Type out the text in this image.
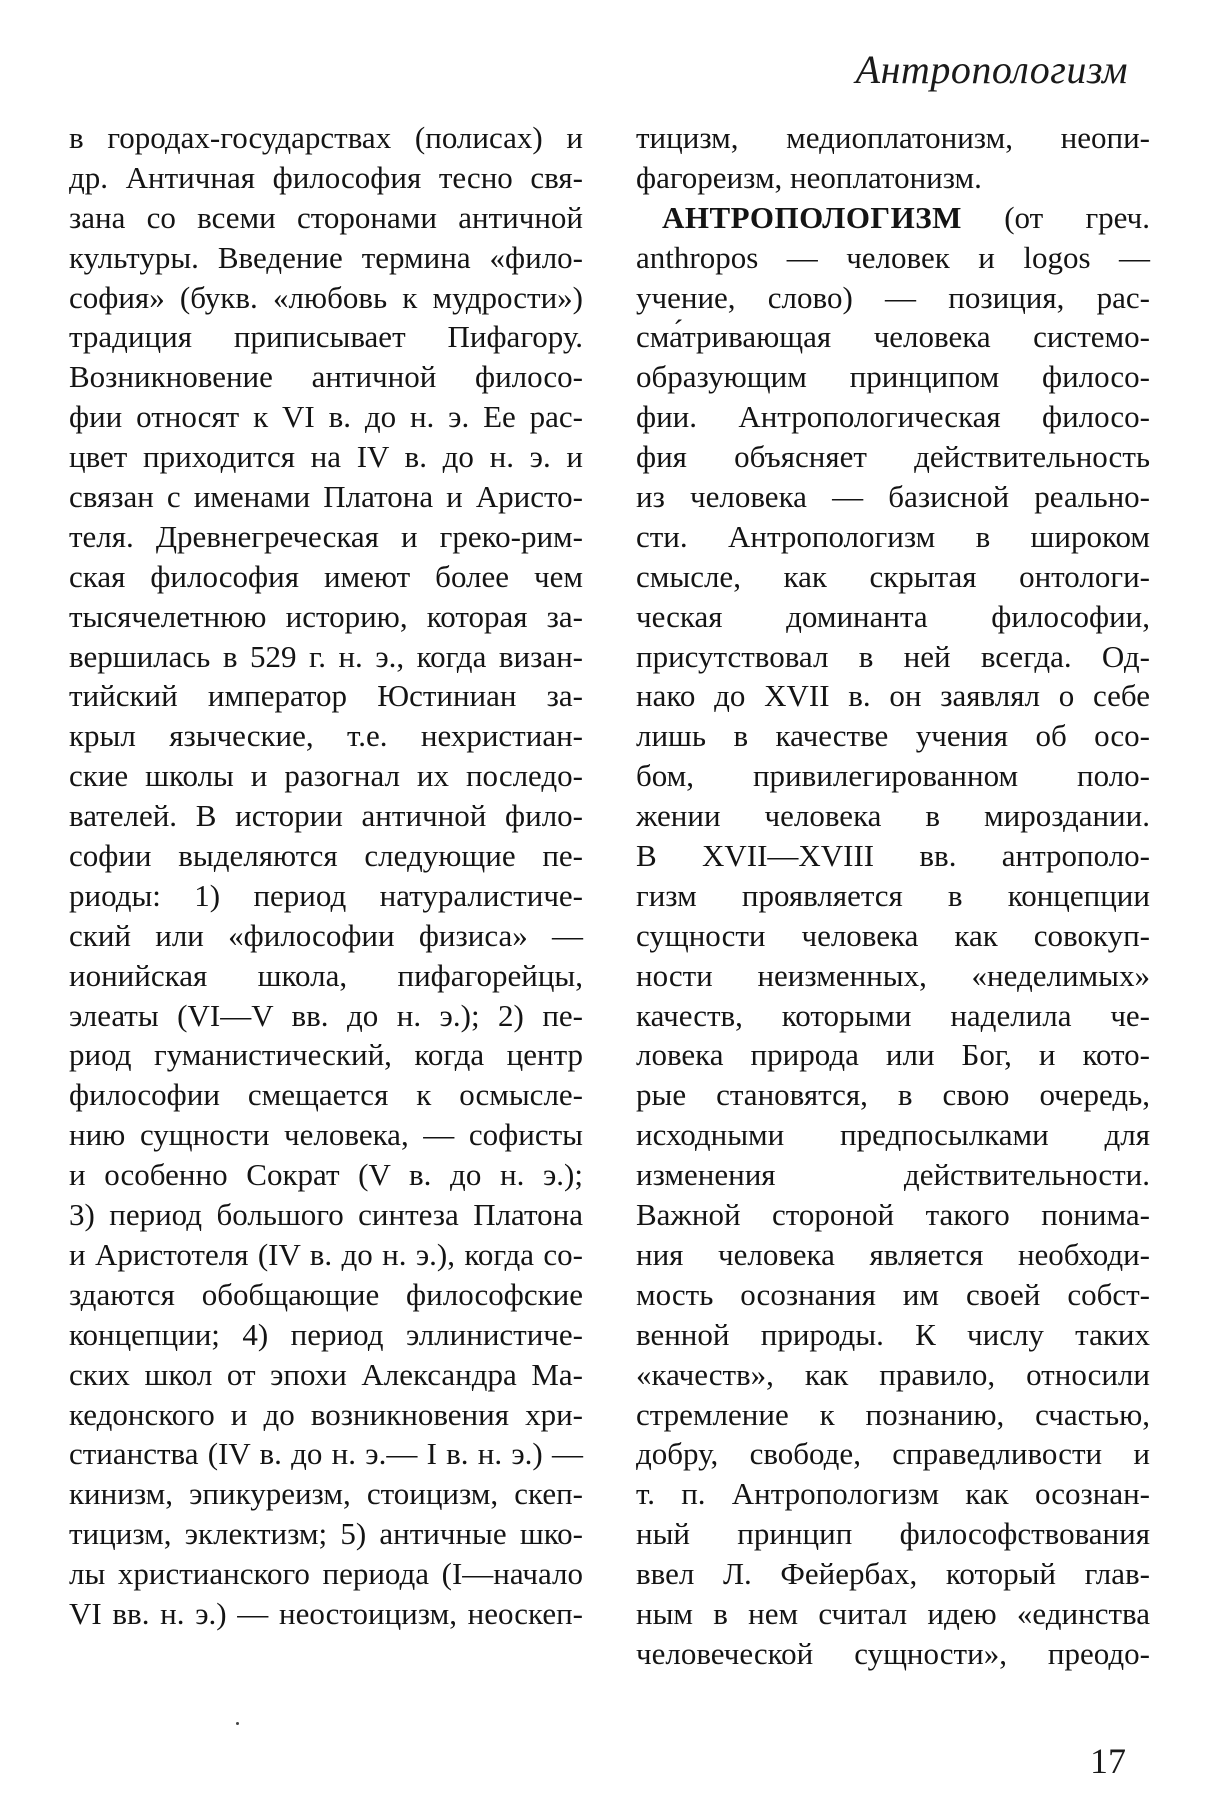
Антропологизм
в городах-государствах (полисах) и
др. Античная философия тесно свя-
зана со всеми сторонами античной
культуры. Введение термина «фило-
софия» (букв. «любовь к мудрости»)
традиция приписывает Пифагору.
Возникновение античной филосо-
фии относят к VI в. до н. э. Ее рас-
цвет приходится на IV в. до н. э. и
связан с именами Платона и Аристо-
теля. Древнегреческая и греко-рим-
ская философия имеют более чем
тысячелетнюю историю, которая за-
вершилась в 529 г. н. э., когда визан-
тийский император Юстиниан за-
крыл языческие, т.е. нехристиан-
ские школы и разогнал их последо-
вателей. В истории античной фило-
софии выделяются следующие пе-
риоды: 1) период натуралистиче-
ский или «философии физиса» —
ионийская школа, пифагорейцы,
элеаты (VI—V вв. до н. э.); 2) пе-
риод гуманистический, когда центр
философии смещается к осмысле-
нию сущности человека, — софисты
и особенно Сократ (V в. до н. э.);
3) период большого синтеза Платона
и Аристотеля (IV в. до н. э.), когда со-
здаются обобщающие философские
концепции; 4) период эллинистиче-
ских школ от эпохи Александра Ма-
кедонского и до возникновения хри-
стианства (IV в. до н. э.— I в. н. э.) —
кинизм, эпикуреизм, стоицизм, скеп-
тицизм, эклектизм; 5) античные шко-
лы христианского периода (I—начало
VI вв. н. э.) — неостоицизм, неоскеп-
тицизм, медиоплатонизм, неопи-
фагореизм, неоплатонизм.
АНТРОПОЛОГИЗМ (от греч.
anthropos — человек и logos —
учение, слово) — позиция, рас-
сма́тривающая человека системо-
образующим принципом филосо-
фии. Антропологическая филосо-
фия объясняет действительность
из человека — базисной реально-
сти. Антропологизм в широком
смысле, как скрытая онтологи-
ческая доминанта философии,
присутствовал в ней всегда. Од-
нако до XVII в. он заявлял о себе
лишь в качестве учения об осо-
бом, привилегированном поло-
жении человека в мироздании.
В XVII—XVIII вв. антрополо-
гизм проявляется в концепции
сущности человека как совокуп-
ности неизменных, «неделимых»
качеств, которыми наделила че-
ловека природа или Бог, и кото-
рые становятся, в свою очередь,
исходными предпосылками для
изменения действительности.
Важной стороной такого понима-
ния человека является необходи-
мость осознания им своей собст-
венной природы. К числу таких
«качеств», как правило, относили
стремление к познанию, счастью,
добру, свободе, справедливости и
т. п. Антропологизм как осознан-
ный принцип философствования
ввел Л. Фейербах, который глав-
ным в нем считал идею «единства
человеческой сущности», преодо-
17
